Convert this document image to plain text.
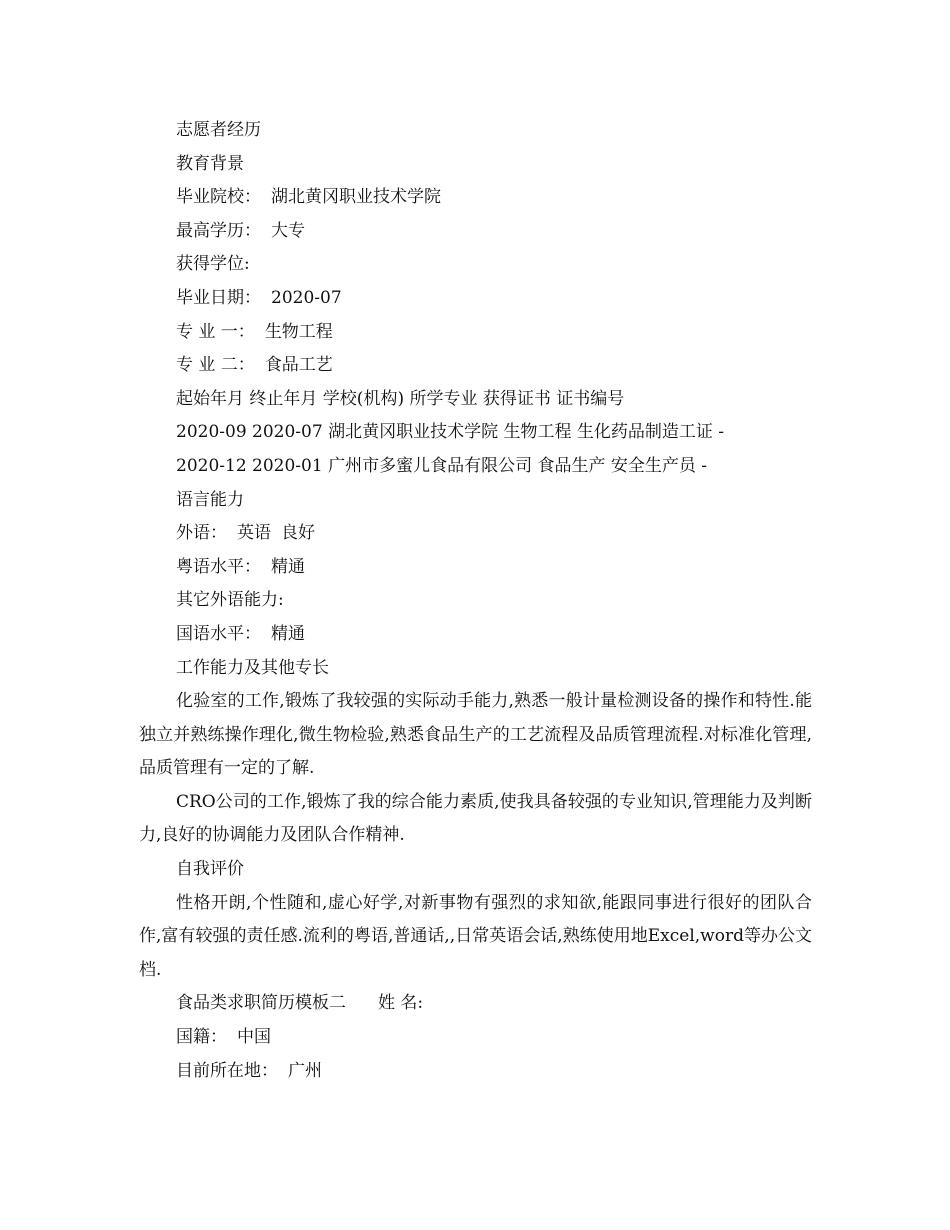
志愿者经历
教育背景
毕业院校： 湖北黄冈职业技术学院
最高学历： 大专
获得学位:
毕业日期： 2020-07
专 业 一： 生物工程
专 业 二： 食品工艺
起始年月 终止年月 学校(机构) 所学专业 获得证书 证书编号
2020-09 2020-07 湖北黄冈职业技术学院 生物工程 生化药品制造工证 -
2020-12 2020-01 广州市多蜜儿食品有限公司 食品生产 安全生产员 -
语言能力
外语： 英语 良好
粤语水平： 精通
其它外语能力:
国语水平： 精通
工作能力及其他专长

化验室的工作,锻炼了我较强的实际动手能力,熟悉一般计量检测设备的操作和特性.能独立并熟练操作理化,微生物检验,熟悉食品生产的工艺流程及品质管理流程.对标准化管理,品质管理有一定的了解.

CRO公司的工作,锻炼了我的综合能力素质,使我具备较强的专业知识,管理能力及判断力,良好的协调能力及团队合作精神.

自我评价

性格开朗,个性随和,虚心好学,对新事物有强烈的求知欲,能跟同事进行很好的团队合作,富有较强的责任感.流利的粤语,普通话,,日常英语会话,熟练使用地Excel,word等办公文档.

食品类求职简历模板二 姓 名:
国籍： 中国
目前所在地： 广州
